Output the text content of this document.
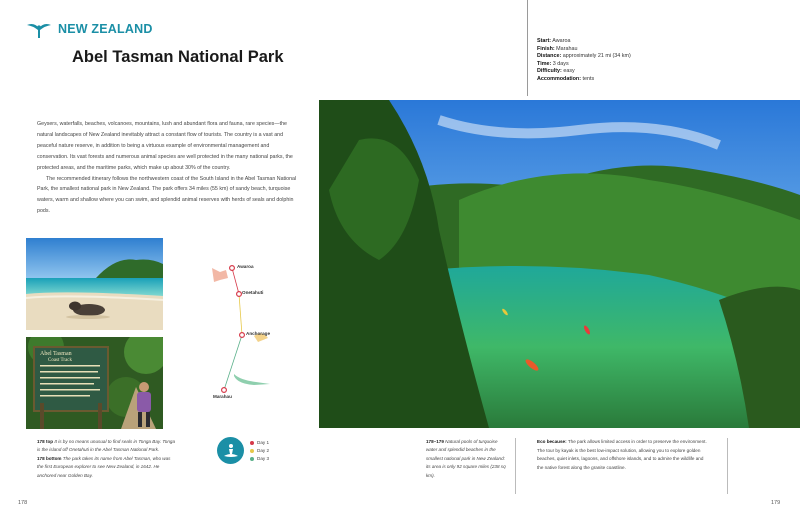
NEW ZEALAND
Abel Tasman National Park

Geysers, waterfalls, beaches, volcanoes, mountains, lush and abundant flora and fauna, rare species—the natural landscapes of New Zealand inevitably attract a constant flow of tourists. The country is a vast and peaceful nature reserve, in addition to being a virtuous example of environmental management and conservation. Its vast forests and numerous animal species are well protected in the many national parks, the protected areas, and the maritime parks, which make up about 30% of the country.

The recommended itinerary follows the northwestern coast of the South Island in the Abel Tasman National Park, the smallest national park in New Zealand. The park offers 34 miles (55 km) of sandy beach, turquoise waters, warm and shallow where you can swim, and splendid animal reserves with herds of seals and dolphin pods.

Abel Tasman
Coast Track
Awaroa
Onetahuti
Anchorage
Marahau
178 top It is by no means unusual to find seals in Tonga Bay. Tonga is the island off Onetahuti in the Abel Tasman National Park.
178 bottom The park takes its name from Abel Tasman, who was the first European explorer to see New Zealand, in 1642. He anchored near Golden Bay.
Day 1
Day 2
Day 3
Start: Awaroa
Finish: Marahau
Distance: approximately 21 mi (34 km)
Time: 3 days
Difficulty: easy
Accommodation: tents
178–179 Natural pools of turquoise water and splendid beaches in the smallest national park in New Zealand: its area is only 92 square miles (238 sq km).
Eco because: The park allows limited access in order to preserve the environment. The tour by kayak is the best low-impact solution, allowing you to explore golden beaches, quiet inlets, lagoons, and offshore islands, and to admire the wildlife and the native forest along the granite coastline.
178	179
